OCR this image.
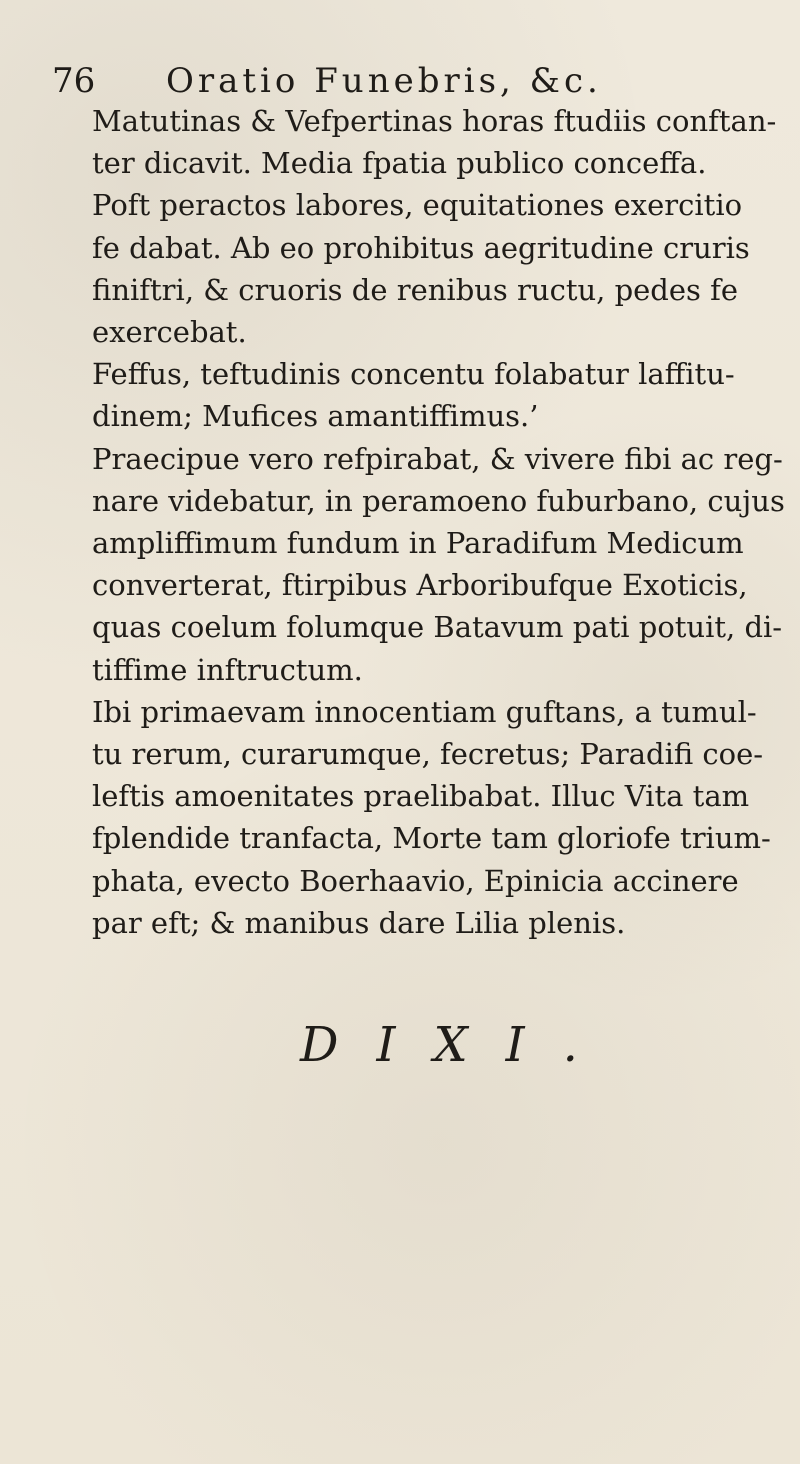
76 Oratio Funebris, &c.
Matutinas & Vefpertinas horas ftudiis conftan-
ter dicavit. Media fpatia publico conceffa.
Poft peractos labores, equitationes exercitio
fe dabat. Ab eo prohibitus aegritudine cruris
finiftri, & cruoris de renibus ructu, pedes fe
exercebat.
Feffus, teftudinis concentu folabatur laffitu-
dinem; Mufices amantiffimus.’
Praecipue vero refpirabat, & vivere fibi ac reg-
nare videbatur, in peramoeno fuburbano, cujus
ampliffimum fundum in Paradifum Medicum
converterat, ftirpibus Arboribufque Exoticis,
quas coelum folumque Batavum pati potuit, di-
tiffime inftructum.
Ibi primaevam innocentiam guftans, a tumul-
tu rerum, curarumque, fecretus; Paradifi coe-
leftis amoenitates praelibabat. Illuc Vita tam
fplendide tranfacta, Morte tam gloriofe trium-
phata, evecto Boerhaavio, Epinicia accinere
par eft; & manibus dare Lilia plenis.
DIXI.
